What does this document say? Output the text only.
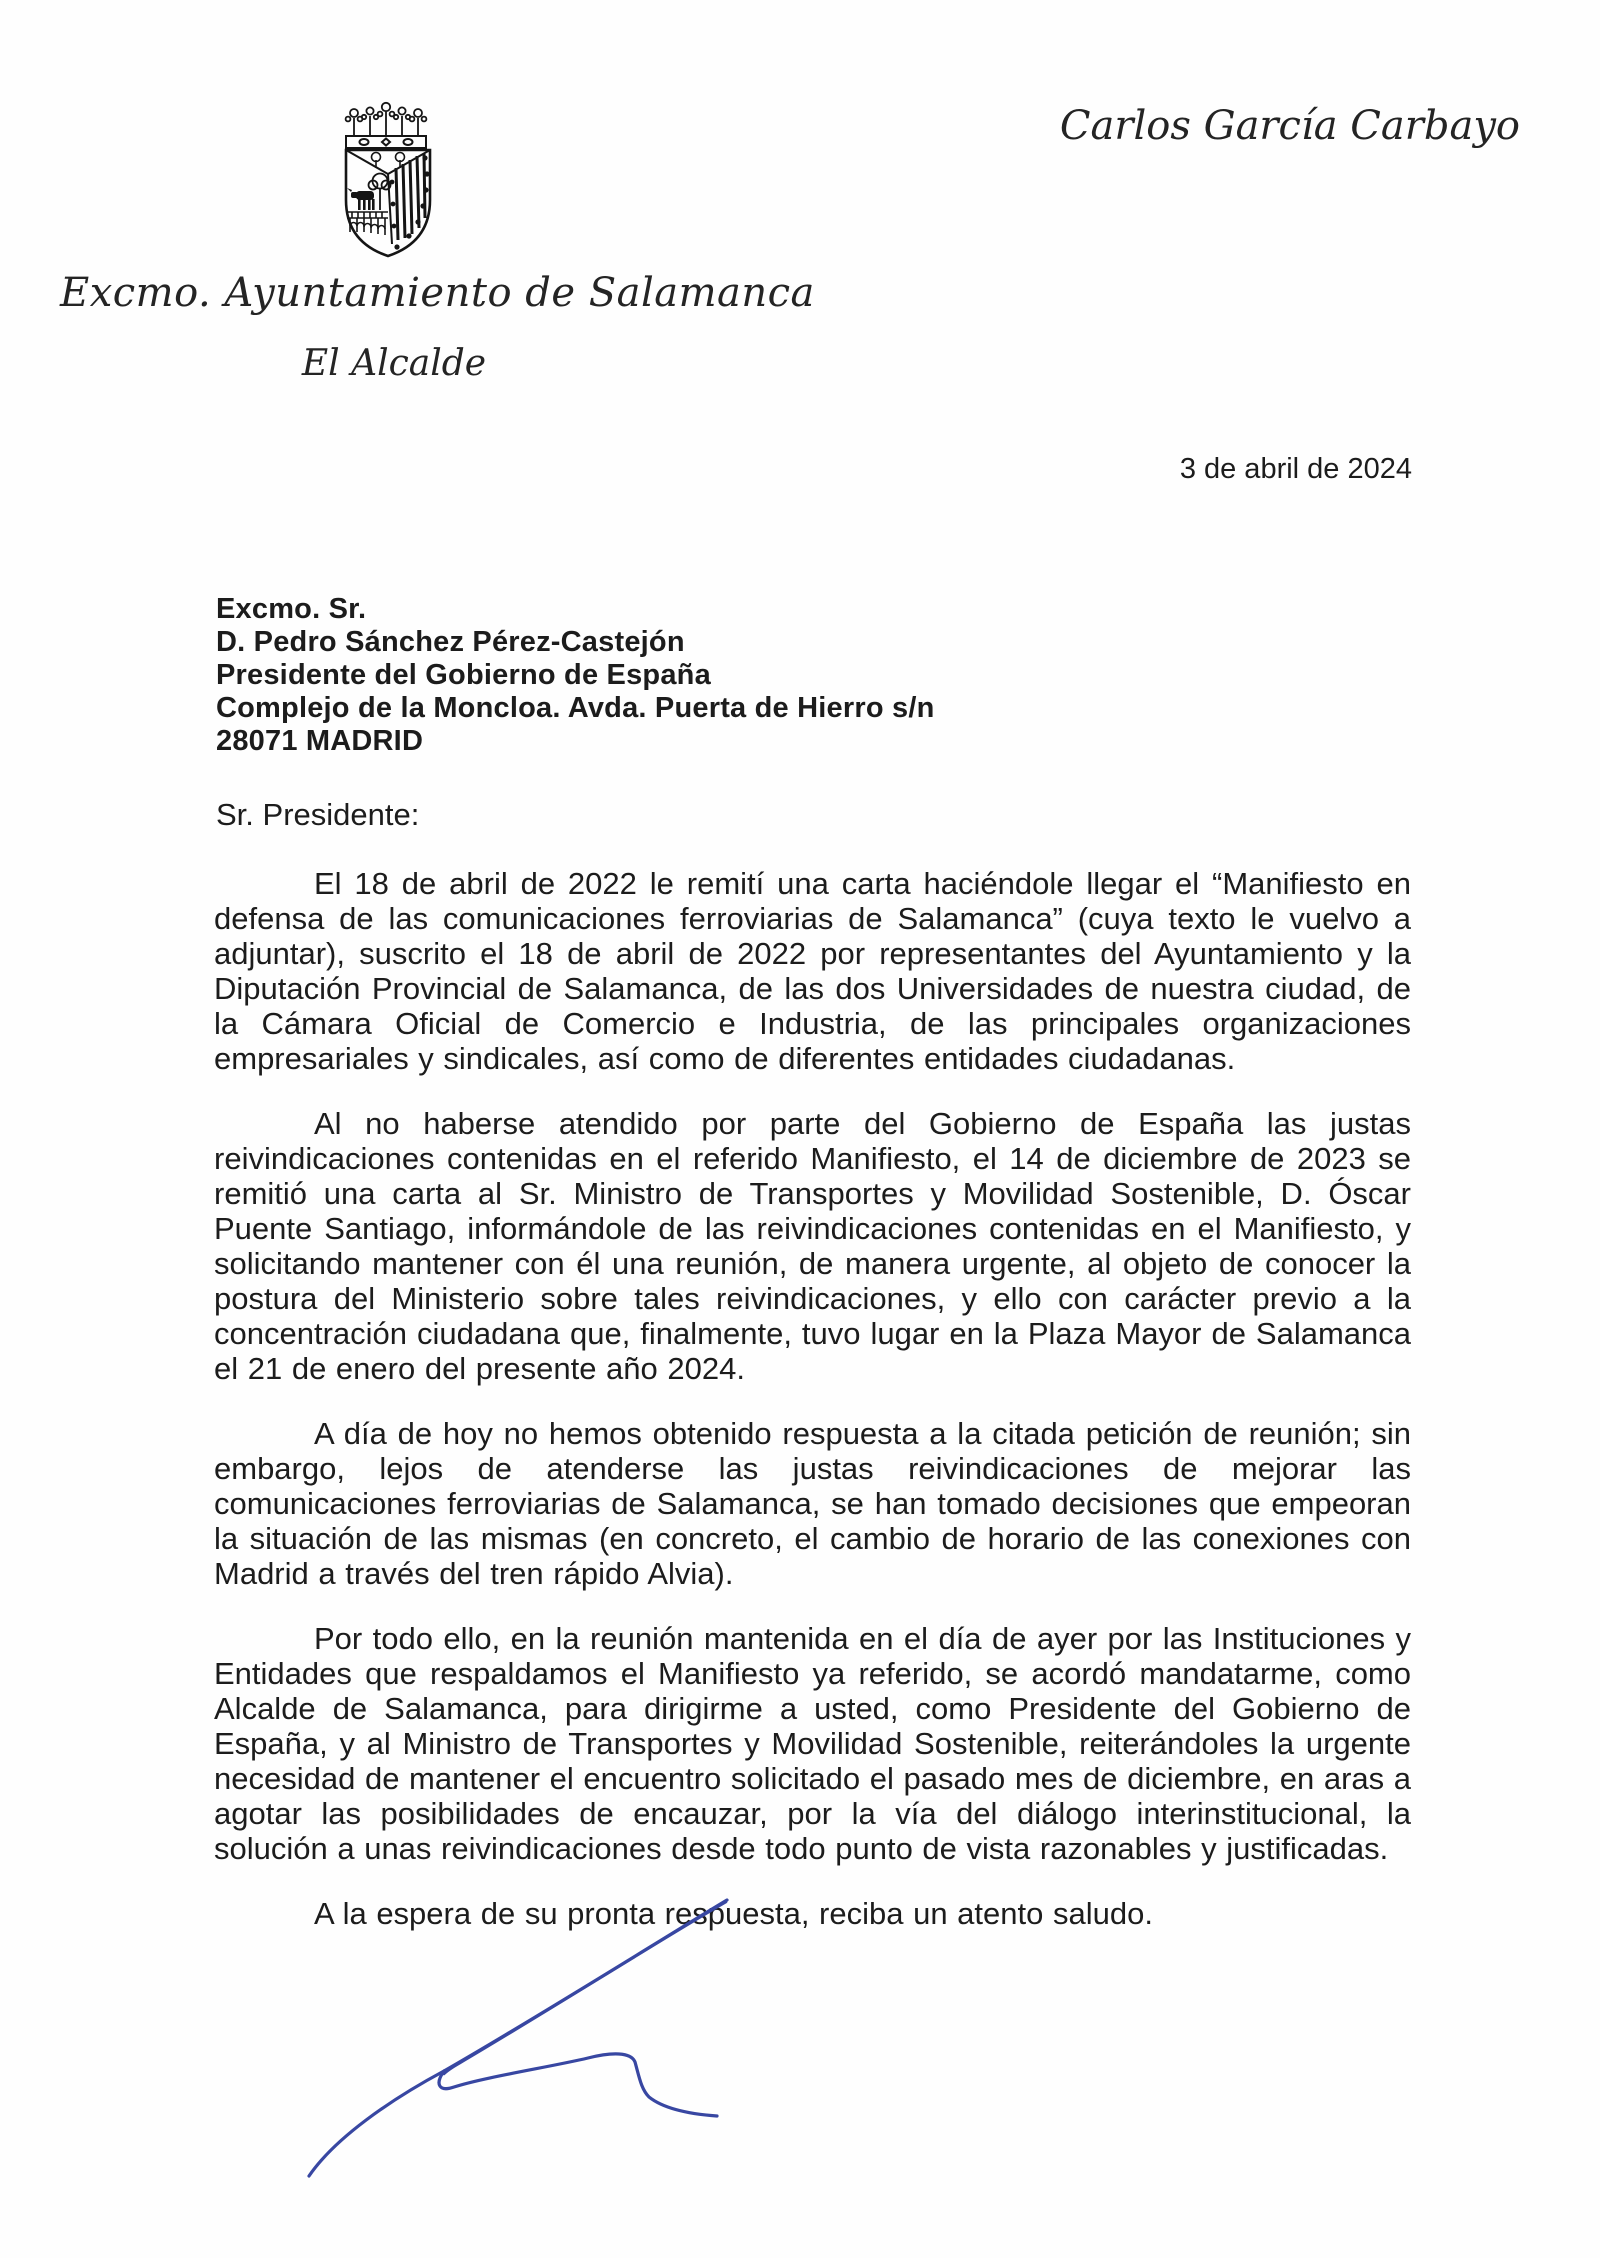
Excmo. Ayuntamiento de Salamanca
El Alcalde
Carlos García Carbayo
3 de abril de 2024
Excmo. Sr.
D. Pedro Sánchez Pérez-Castejón
Presidente del Gobierno de España
Complejo de la Moncloa. Avda. Puerta de Hierro s/n
28071 MADRID
Sr. Presidente:

El 18 de abril de 2022 le remití una carta haciéndole llegar el “Manifiesto en defensa de las comunicaciones ferroviarias de Salamanca” (cuya texto le vuelvo a adjuntar), suscrito el 18 de abril de 2022 por representantes del Ayuntamiento y la Diputación Provincial de Salamanca, de las dos Universidades de nuestra ciudad, de la Cámara Oficial de Comercio e Industria, de las principales organizaciones empresariales y sindicales, así como de diferentes entidades ciudadanas.

Al no haberse atendido por parte del Gobierno de España las justas reivindicaciones contenidas en el referido Manifiesto, el 14 de diciembre de 2023 se remitió una carta al Sr. Ministro de Transportes y Movilidad Sostenible, D. Óscar Puente Santiago, informándole de las reivindicaciones contenidas en el Manifiesto, y solicitando mantener con él una reunión, de manera urgente, al objeto de conocer la postura del Ministerio sobre tales reivindicaciones, y ello con carácter previo a la concentración ciudadana que, finalmente, tuvo lugar en la Plaza Mayor de Salamanca el 21 de enero del presente año 2024.

A día de hoy no hemos obtenido respuesta a la citada petición de reunión; sin embargo, lejos de atenderse las justas reivindicaciones de mejorar las comunicaciones ferroviarias de Salamanca, se han tomado decisiones que empeoran la situación de las mismas (en concreto, el cambio de horario de las conexiones con Madrid a través del tren rápido Alvia).

Por todo ello, en la reunión mantenida en el día de ayer por las Instituciones y Entidades que respaldamos el Manifiesto ya referido, se acordó mandatarme, como Alcalde de Salamanca, para dirigirme a usted, como Presidente del Gobierno de España, y al Ministro de Transportes y Movilidad Sostenible, reiterándoles la urgente necesidad de mantener el encuentro solicitado el pasado mes de diciembre, en aras a agotar las posibilidades de encauzar, por la vía del diálogo interinstitucional, la solución a unas reivindicaciones desde todo punto de vista razonables y justificadas.

A la espera de su pronta respuesta, reciba un atento saludo.
